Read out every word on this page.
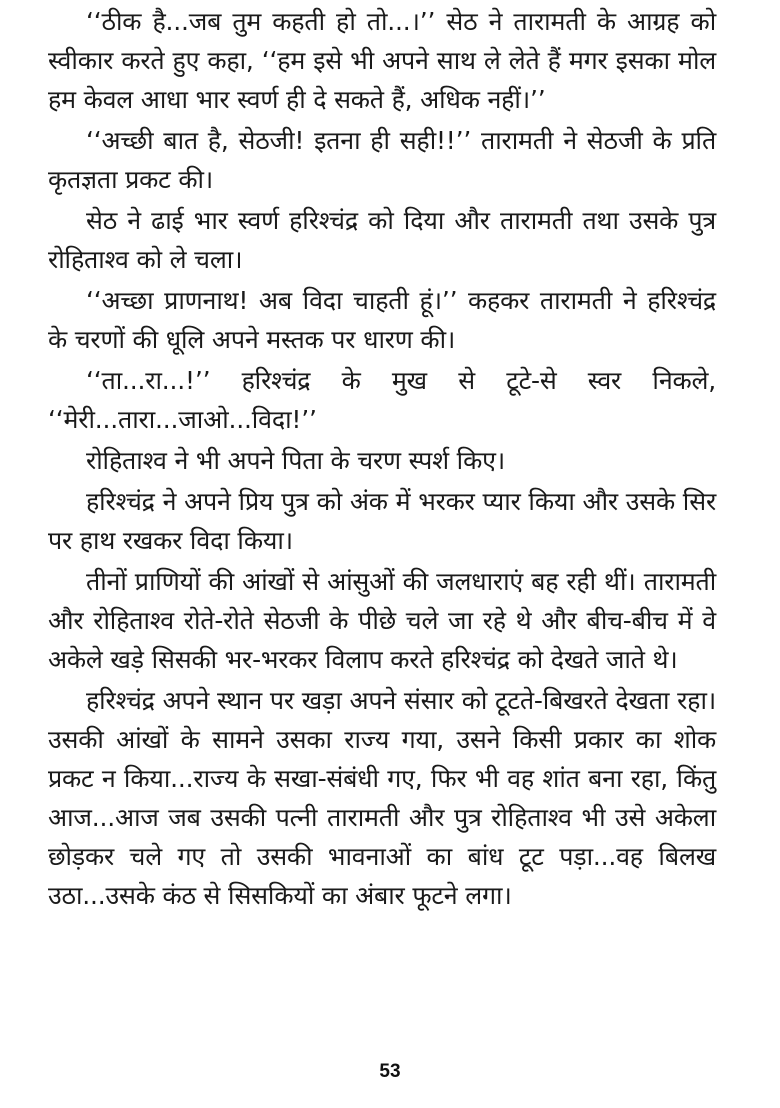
‘‘ठीक है...जब तुम कहती हो तो...।’’ सेठ ने तारामती के आग्रह को स्वीकार करते हुए कहा, ‘‘हम इसे भी अपने साथ ले लेते हैं मगर इसका मोल हम केवल आधा भार स्वर्ण ही दे सकते हैं, अधिक नहीं।’’

‘‘अच्छी बात है, सेठजी! इतना ही सही!!’’ तारामती ने सेठजी के प्रति कृतज्ञता प्रकट की।

सेठ ने ढाई भार स्वर्ण हरिश्चंद्र को दिया और तारामती तथा उसके पुत्र रोहिताश्व को ले चला।

‘‘अच्छा प्राणनाथ! अब विदा चाहती हूं।’’ कहकर तारामती ने हरिश्चंद्र के चरणों की धूलि अपने मस्तक पर धारण की।

‘‘ता...रा...!’’ हरिश्चंद्र के मुख से टूटे-से स्वर निकले, ‘‘मेरी...तारा...जाओ...विदा!’’

रोहिताश्व ने भी अपने पिता के चरण स्पर्श किए।

हरिश्चंद्र ने अपने प्रिय पुत्र को अंक में भरकर प्यार किया और उसके सिर पर हाथ रखकर विदा किया।

तीनों प्राणियों की आंखों से आंसुओं की जलधाराएं बह रही थीं। तारामती और रोहिताश्व रोते-रोते सेठजी के पीछे चले जा रहे थे और बीच-बीच में वे अकेले खड़े सिसकी भर-भरकर विलाप करते हरिश्चंद्र को देखते जाते थे।

हरिश्चंद्र अपने स्थान पर खड़ा अपने संसार को टूटते-बिखरते देखता रहा। उसकी आंखों के सामने उसका राज्य गया, उसने किसी प्रकार का शोक प्रकट न किया...राज्य के सखा-संबंधी गए, फिर भी वह शांत बना रहा, किंतु आज...आज जब उसकी पत्नी तारामती और पुत्र रोहिताश्व भी उसे अकेला छोड़कर चले गए तो उसकी भावनाओं का बांध टूट पड़ा...वह बिलख उठा...उसके कंठ से सिसकियों का अंबार फूटने लगा।

53
